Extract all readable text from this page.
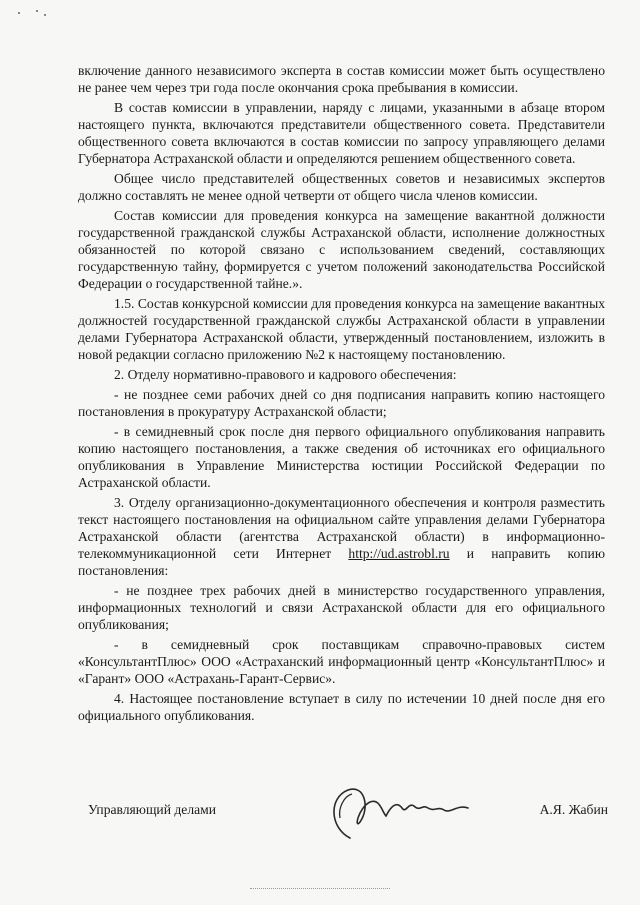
включение данного независимого эксперта в состав комиссии может быть осуществлено не ранее чем через три года после окончания срока пребывания в комиссии.

В состав комиссии в управлении, наряду с лицами, указанными в абзаце втором настоящего пункта, включаются представители общественного совета. Представители общественного совета включаются в состав комиссии по запросу управляющего делами Губернатора Астраханской области и определяются решением общественного совета.

Общее число представителей общественных советов и независимых экспертов должно составлять не менее одной четверти от общего числа членов комиссии.

Состав комиссии для проведения конкурса на замещение вакантной должности государственной гражданской службы Астраханской области, исполнение должностных обязанностей по которой связано с использованием сведений, составляющих государственную тайну, формируется с учетом положений законодательства Российской Федерации о государственной тайне.».

1.5. Состав конкурсной комиссии для проведения конкурса на замещение вакантных должностей государственной гражданской службы Астраханской области в управлении делами Губернатора Астраханской области, утвержденный постановлением, изложить в новой редакции согласно приложению №2 к настоящему постановлению.

2. Отделу нормативно-правового и кадрового обеспечения:

- не позднее семи рабочих дней со дня подписания направить копию настоящего постановления в прокуратуру Астраханской области;

- в семидневный срок после дня первого официального опубликования направить копию настоящего постановления, а также сведения об источниках его официального опубликования в Управление Министерства юстиции Российской Федерации по Астраханской области.

3. Отделу организационно-документационного обеспечения и контроля разместить текст настоящего постановления на официальном сайте управления делами Губернатора Астраханской области (агентства Астраханской области) в информационно-телекоммуникационной сети Интернет http://ud.astrobl.ru и направить копию постановления:

- не позднее трех рабочих дней в министерство государственного управления, информационных технологий и связи Астраханской области для его официального опубликования;

- в семидневный срок поставщикам справочно-правовых систем «КонсультантПлюс» ООО «Астраханский информационный центр «КонсультантПлюс» и «Гарант» ООО «Астрахань-Гарант-Сервис».

4. Настоящее постановление вступает в силу по истечении 10 дней после дня его официального опубликования.

Управляющий делами	А.Я. Жабин
